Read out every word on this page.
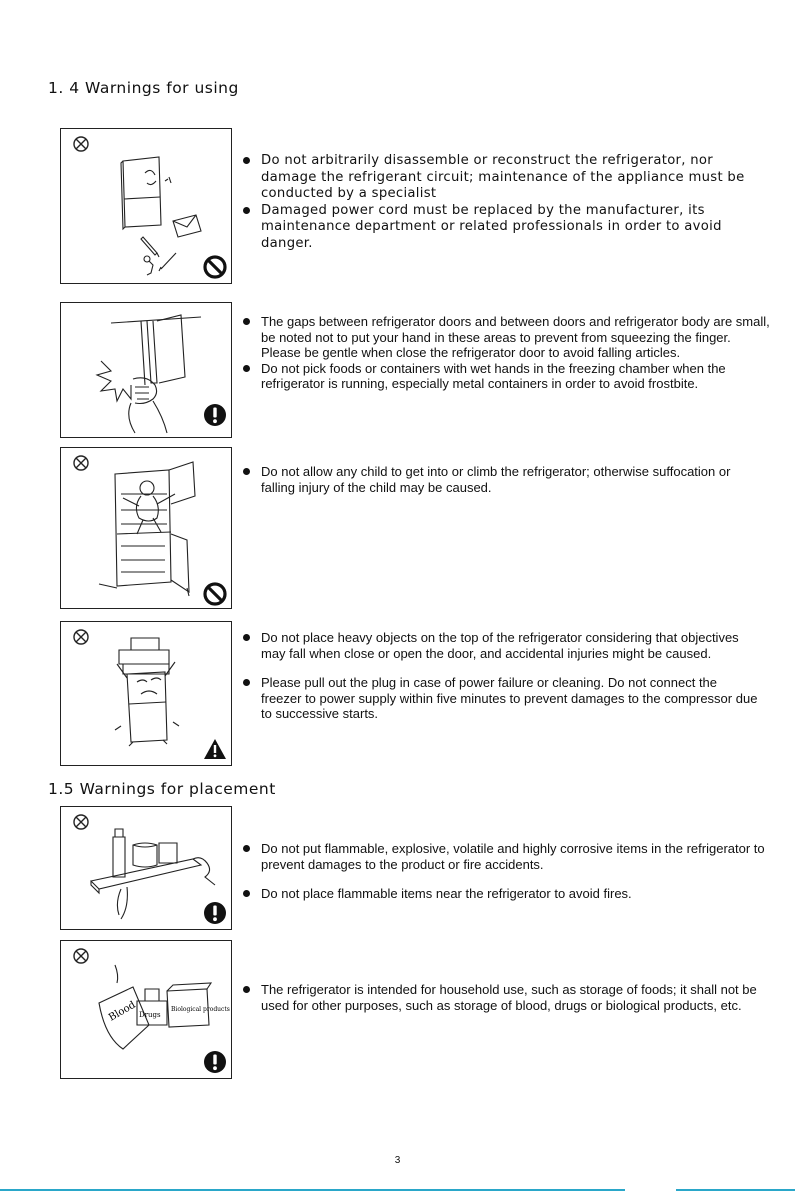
1. 4 Warnings for using
Do not arbitrarily disassemble or reconstruct the refrigerator, nor damage the refrigerant circuit; maintenance of the appliance must be conducted by a specialist
Damaged power cord must be replaced by the manufacturer, its maintenance department or related professionals in order to avoid danger.
The gaps between refrigerator doors and between doors and refrigerator body are small, be noted not to put your hand in these areas to prevent from squeezing the finger. Please be gentle when close the refrigerator door to avoid falling articles.
Do not pick foods or containers with wet hands in the freezing chamber when the refrigerator is running, especially metal containers in order to avoid frostbite.
Do not allow any child to get into or climb the refrigerator; otherwise suffocation or falling injury of the child may be caused.
Do not place heavy objects on the top of the refrigerator considering that objectives may fall when close or open the door, and accidental injuries might be caused.
Please pull out the plug in case of power failure or cleaning. Do not connect the freezer to power supply within five minutes to prevent damages to the compressor due to successive starts.
1.5 Warnings for placement
Do not put flammable, explosive, volatile and highly corrosive items in the refrigerator to prevent damages to the product or fire accidents.
Do not place flammable items near the refrigerator to avoid fires.
Blood Drugs
Biological products
The refrigerator is intended for household use, such as storage of foods; it shall not be used for other purposes, such as storage of blood, drugs or biological products, etc.
3
